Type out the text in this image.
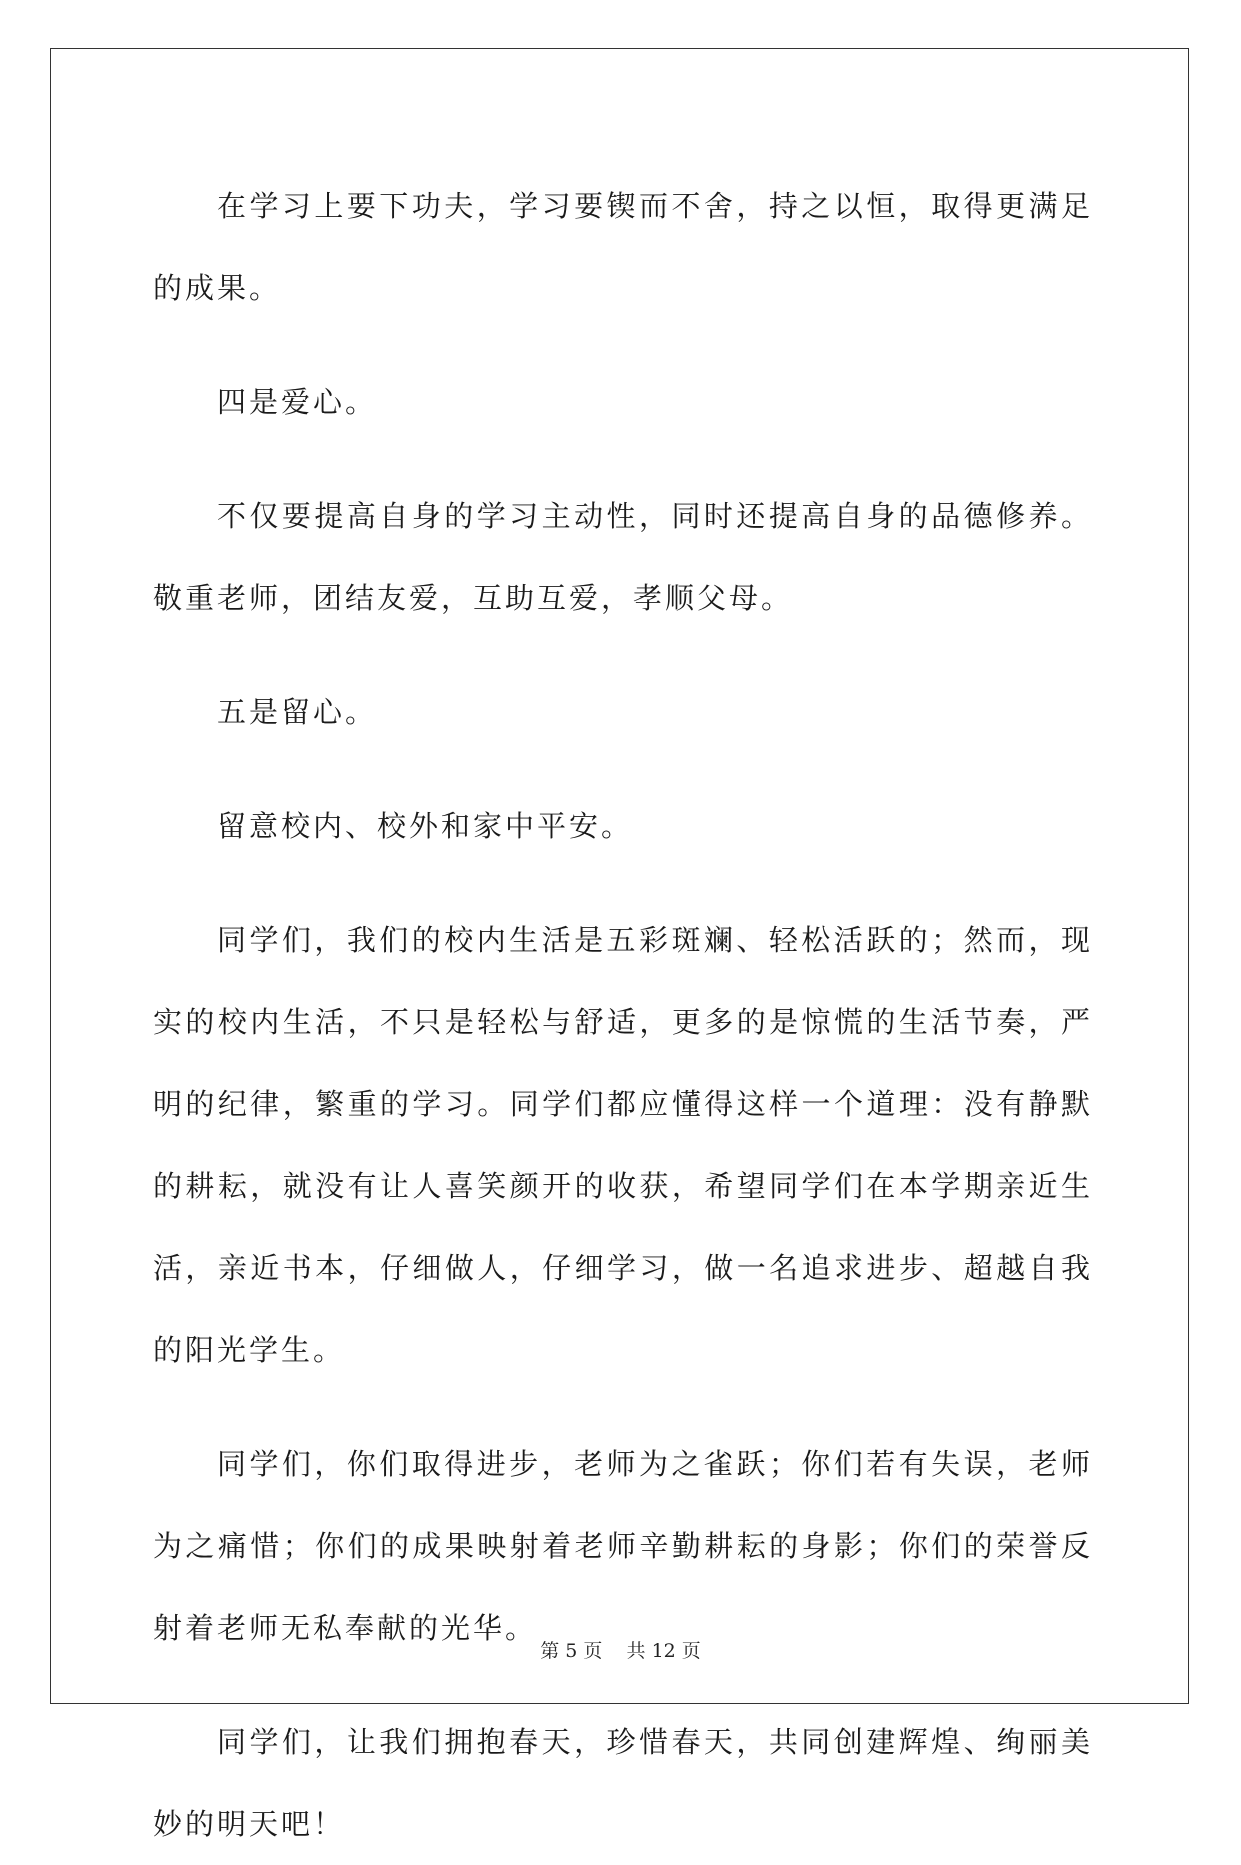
在学习上要下功夫，学习要锲而不舍，持之以恒，取得更满足的成果。

四是爱心。

不仅要提高自身的学习主动性，同时还提高自身的品德修养。敬重老师，团结友爱，互助互爱，孝顺父母。

五是留心。

留意校内、校外和家中平安。

同学们，我们的校内生活是五彩斑斓、轻松活跃的；然而，现实的校内生活，不只是轻松与舒适，更多的是惊慌的生活节奏，严明的纪律，繁重的学习。同学们都应懂得这样一个道理：没有静默的耕耘，就没有让人喜笑颜开的收获，希望同学们在本学期亲近生活，亲近书本，仔细做人，仔细学习，做一名追求进步、超越自我的阳光学生。

同学们，你们取得进步，老师为之雀跃；你们若有失误，老师为之痛惜；你们的成果映射着老师辛勤耕耘的身影；你们的荣誉反射着老师无私奉献的光华。

同学们，让我们拥抱春天，珍惜春天，共同创建辉煌、绚丽美妙的明天吧！

第 5 页    共 12 页
